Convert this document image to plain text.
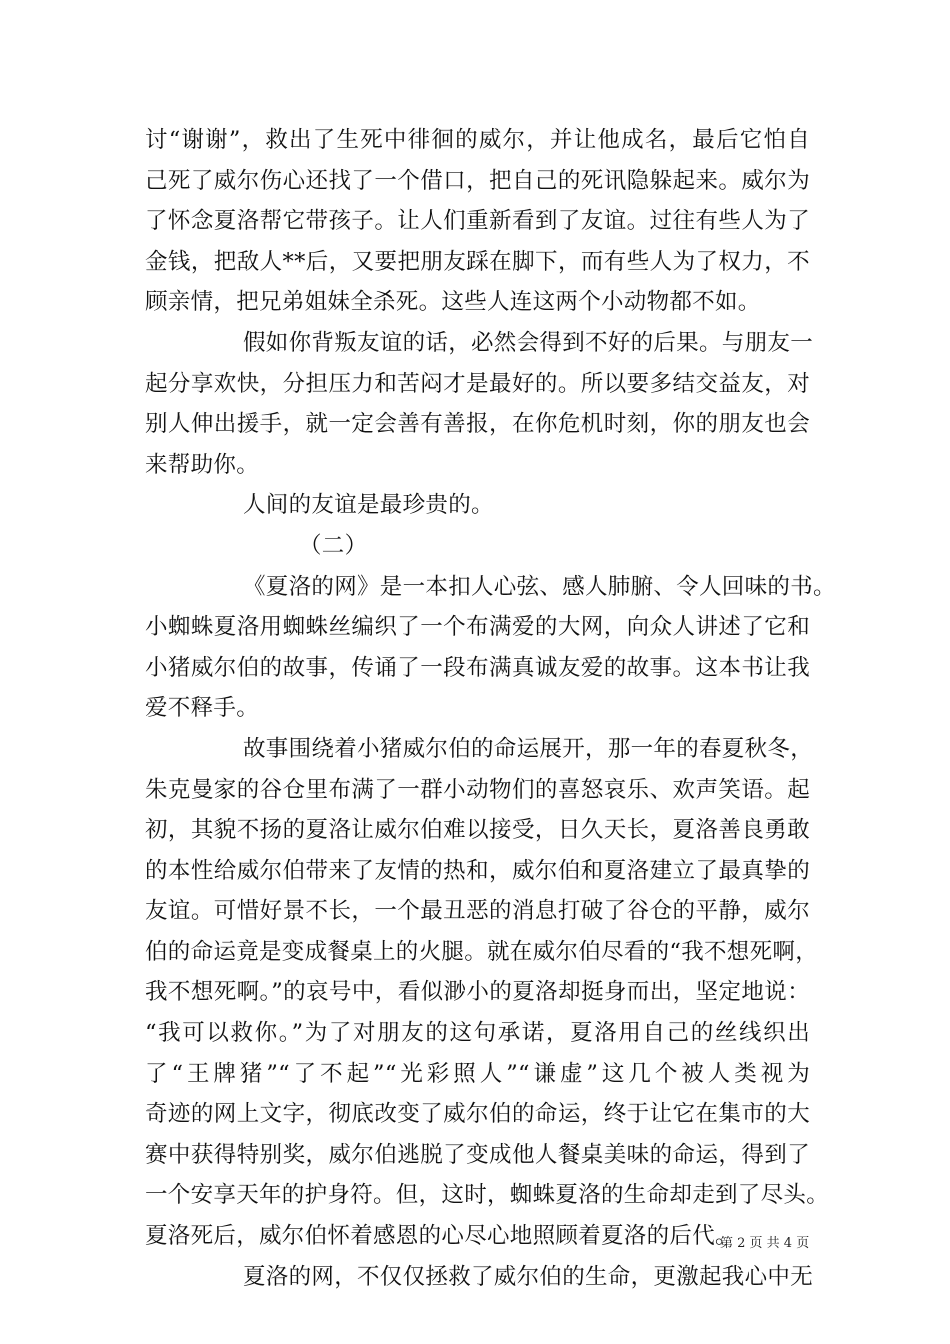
讨“谢谢”，救出了生死中徘徊的威尔，并让他成名，最后它怕自
己死了威尔伤心还找了一个借口，把自己的死讯隐躲起来。威尔为
了怀念夏洛帮它带孩子。让人们重新看到了友谊。过往有些人为了
金钱，把敌人**后，又要把朋友踩在脚下，而有些人为了权力，不
顾亲情，把兄弟姐妹全杀死。这些人连这两个小动物都不如。
假如你背叛友谊的话，必然会得到不好的后果。与朋友一
起分享欢快，分担压力和苦闷才是最好的。所以要多结交益友，对
别人伸出援手，就一定会善有善报，在你危机时刻，你的朋友也会
来帮助你。
人间的友谊是最珍贵的。
（二）
《夏洛的网》是一本扣人心弦、感人肺腑、令人回味的书。
小蜘蛛夏洛用蜘蛛丝编织了一个布满爱的大网，向众人讲述了它和
小猪威尔伯的故事，传诵了一段布满真诚友爱的故事。这本书让我
爱不释手。
故事围绕着小猪威尔伯的命运展开，那一年的春夏秋冬，
朱克曼家的谷仓里布满了一群小动物们的喜怒哀乐、欢声笑语。起
初，其貌不扬的夏洛让威尔伯难以接受，日久天长，夏洛善良勇敢
的本性给威尔伯带来了友情的热和，威尔伯和夏洛建立了最真挚的
友谊。可惜好景不长，一个最丑恶的消息打破了谷仓的平静，威尔
伯的命运竟是变成餐桌上的火腿。就在威尔伯尽看的“我不想死啊，
我不想死啊。”的哀号中，看似渺小的夏洛却挺身而出，坚定地说：
“我可以救你。”为了对朋友的这句承诺，夏洛用自己的丝线织出
了“王牌猪”“了不起”“光彩照人”“谦虚”这几个被人类视为
奇迹的网上文字，彻底改变了威尔伯的命运，终于让它在集市的大
赛中获得特别奖，威尔伯逃脱了变成他人餐桌美味的命运，得到了
一个安享天年的护身符。但，这时，蜘蛛夏洛的生命却走到了尽头。
夏洛死后，威尔伯怀着感恩的心尽心地照顾着夏洛的后代。
夏洛的网，不仅仅拯救了威尔伯的生命，更激起我心中无
第 2 页 共 4 页
